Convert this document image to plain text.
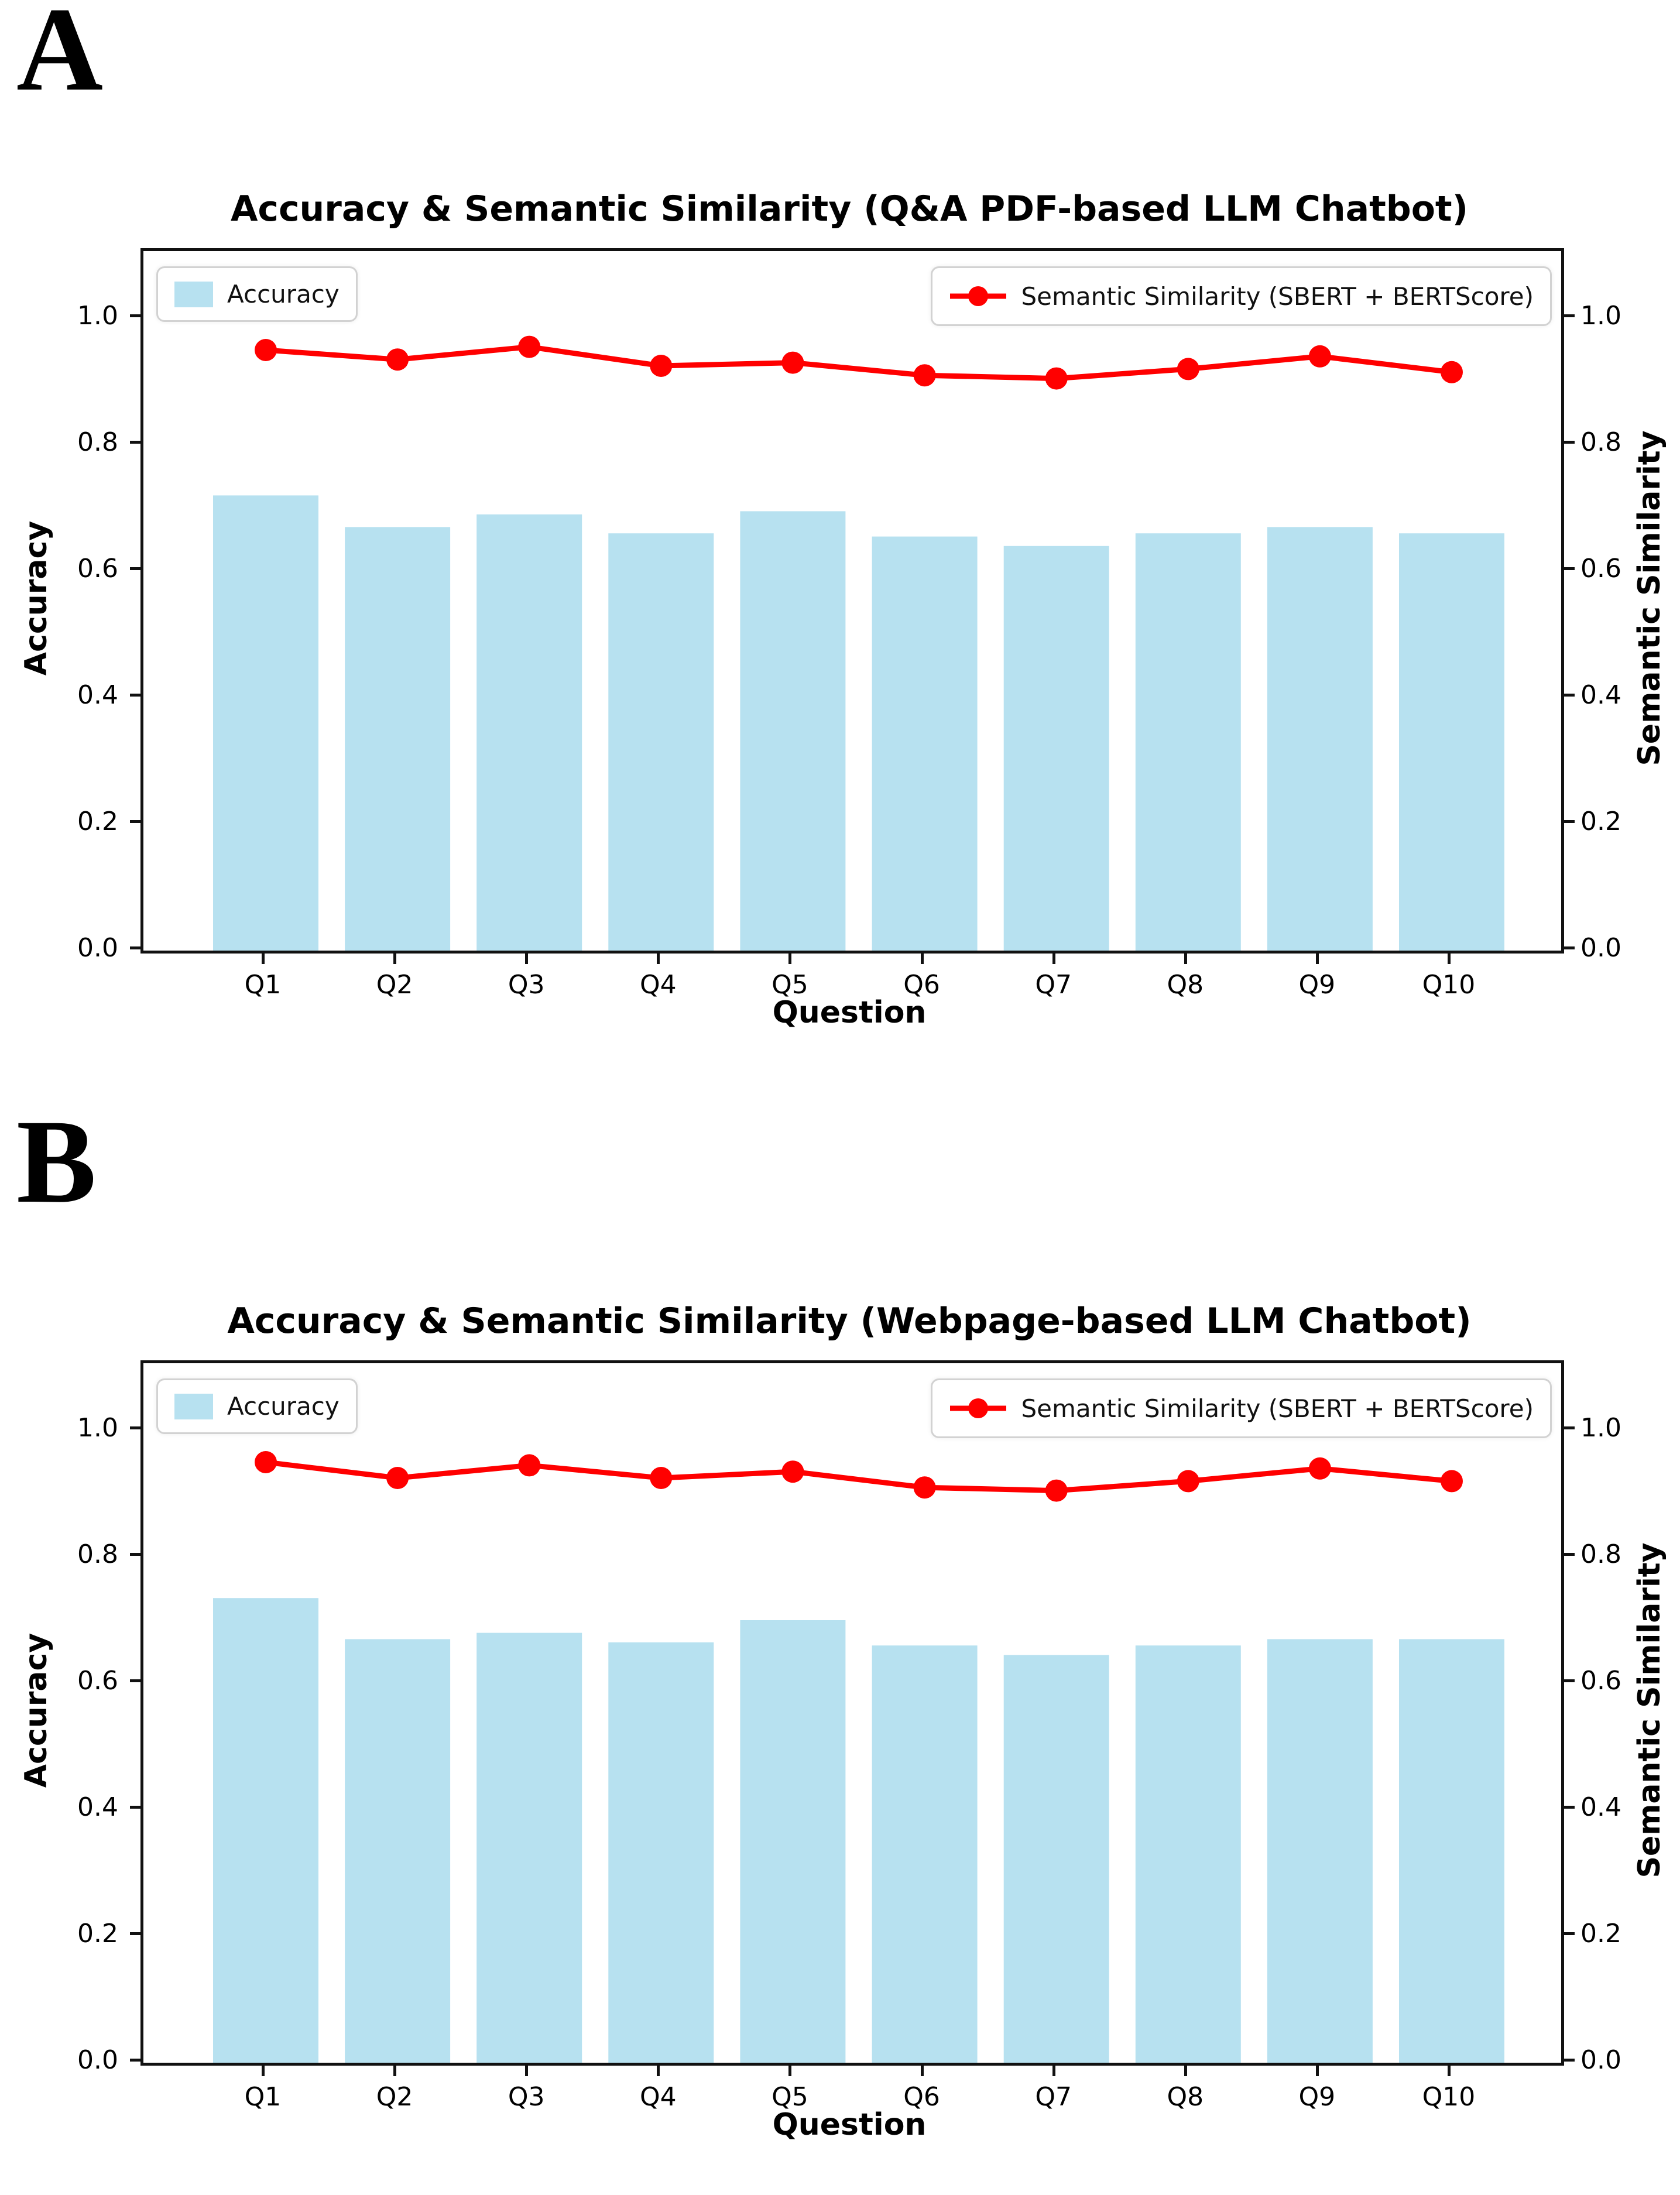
A
Accuracy & Semantic Similarity (Q&A PDF-based LLM Chatbot)
Accuracy	Semantic Similarity (SBERT + BERTScore)
Accuracy	Semantic Similarity
Question
1.0	1.0
0.8	0.8
0.6	0.6
0.4	0.4
0.2	0.2
0.0	0.0
Q1	Q2	Q3	Q4	Q5	Q6	Q7	Q8	Q9	Q10
B
Accuracy & Semantic Similarity (Webpage-based LLM Chatbot)
Accuracy	Semantic Similarity (SBERT + BERTScore)
Accuracy	Semantic Similarity
Question
1.0	1.0
0.8	0.8
0.6	0.6
0.4	0.4
0.2	0.2
0.0	0.0
Q1	Q2	Q3	Q4	Q5	Q6	Q7	Q8	Q9	Q10
